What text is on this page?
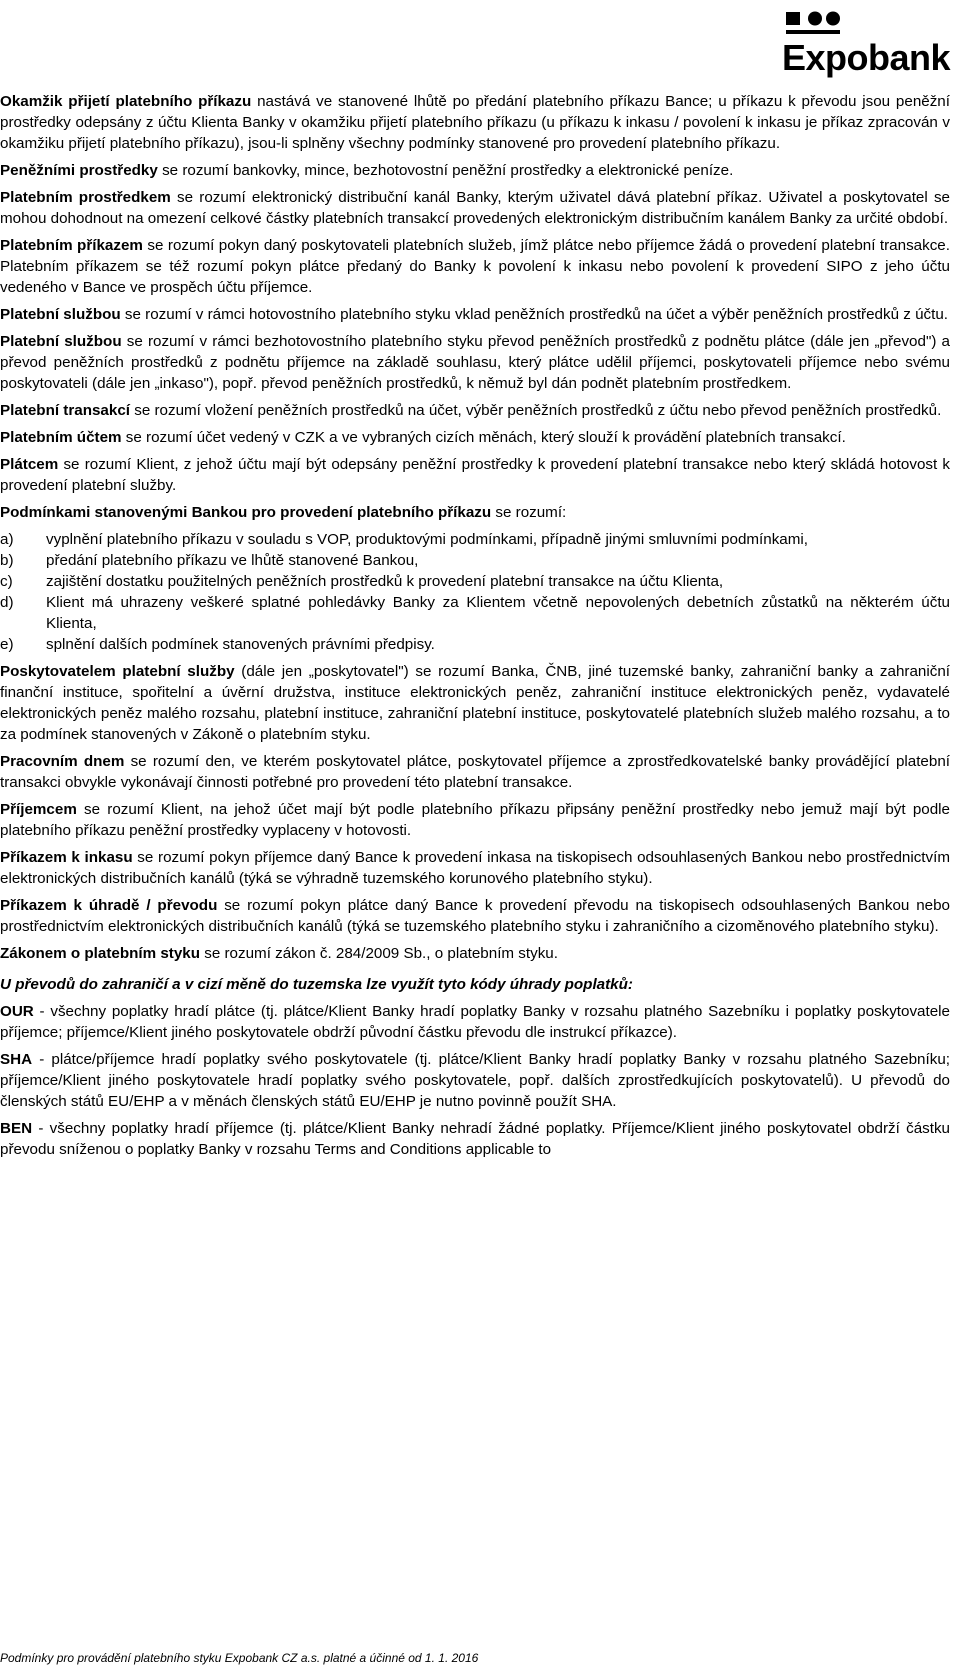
Expobank

Okamžik přijetí platebního příkazu nastává ve stanovené lhůtě po předání platebního příkazu Bance; u příkazu k převodu jsou peněžní prostředky odepsány z účtu Klienta Banky v okamžiku přijetí platebního příkazu (u příkazu k inkasu / povolení k inkasu je příkaz zpracován v okamžiku přijetí platebního příkazu), jsou-li splněny všechny podmínky stanovené pro provedení platebního příkazu.

Peněžními prostředky se rozumí bankovky, mince, bezhotovostní peněžní prostředky a elektronické peníze.

Platebním prostředkem se rozumí elektronický distribuční kanál Banky, kterým uživatel dává platební příkaz. Uživatel a poskytovatel se mohou dohodnout na omezení celkové částky platebních transakcí provedených elektronickým distribučním kanálem Banky za určité období.

Platebním příkazem se rozumí pokyn daný poskytovateli platebních služeb, jímž plátce nebo příjemce žádá o provedení platební transakce. Platebním příkazem se též rozumí pokyn plátce předaný do Banky k povolení k inkasu nebo povolení k provedení SIPO z jeho účtu vedeného v Bance ve prospěch účtu příjemce.

Platební službou se rozumí v rámci hotovostního platebního styku vklad peněžních prostředků na účet a výběr peněžních prostředků z účtu.

Platební službou se rozumí v rámci bezhotovostního platebního styku převod peněžních prostředků z podnětu plátce (dále jen „převod") a převod peněžních prostředků z podnětu příjemce na základě souhlasu, který plátce udělil příjemci, poskytovateli příjemce nebo svému poskytovateli (dále jen „inkaso"), popř. převod peněžních prostředků, k němuž byl dán podnět platebním prostředkem.

Platební transakcí se rozumí vložení peněžních prostředků na účet, výběr peněžních prostředků z účtu nebo převod peněžních prostředků.

Platebním účtem se rozumí účet vedený v CZK a ve vybraných cizích měnách, který slouží k provádění platebních transakcí.

Plátcem se rozumí Klient, z jehož účtu mají být odepsány peněžní prostředky k provedení platební transakce nebo který skládá hotovost k provedení platební služby.

Podmínkami stanovenými Bankou pro provedení platebního příkazu se rozumí:

a) vyplnění platebního příkazu v souladu s VOP, produktovými podmínkami, případně jinými smluvními podmínkami,
b) předání platebního příkazu ve lhůtě stanovené Bankou,
c) zajištění dostatku použitelných peněžních prostředků k provedení platební transakce na účtu Klienta,
d) Klient má uhrazeny veškeré splatné pohledávky Banky za Klientem včetně nepovolených debetních zůstatků na některém účtu Klienta,
e) splnění dalších podmínek stanovených právními předpisy.

Poskytovatelem platební služby (dále jen „poskytovatel") se rozumí Banka, ČNB, jiné tuzemské banky, zahraniční banky a zahraniční finanční instituce, spořitelní a úvěrní družstva, instituce elektronických peněz, zahraniční instituce elektronických peněz, vydavatelé elektronických peněz malého rozsahu, platební instituce, zahraniční platební instituce, poskytovatelé platebních služeb malého rozsahu, a to za podmínek stanovených v Zákoně o platebním styku.

Pracovním dnem se rozumí den, ve kterém poskytovatel plátce, poskytovatel příjemce a zprostředkovatelské banky provádějící platební transakci obvykle vykonávají činnosti potřebné pro provedení této platební transakce.

Příjemcem se rozumí Klient, na jehož účet mají být podle platebního příkazu připsány peněžní prostředky nebo jemuž mají být podle platebního příkazu peněžní prostředky vyplaceny v hotovosti.

Příkazem k inkasu se rozumí pokyn příjemce daný Bance k provedení inkasa na tiskopisech odsouhlasených Bankou nebo prostřednictvím elektronických distribučních kanálů (týká se výhradně tuzemského korunového platebního styku).

Příkazem k úhradě / převodu se rozumí pokyn plátce daný Bance k provedení převodu na tiskopisech odsouhlasených Bankou nebo prostřednictvím elektronických distribučních kanálů (týká se tuzemského platebního styku i zahraničního a cizoměnového platebního styku).

Zákonem o platebním styku se rozumí zákon č. 284/2009 Sb., o platebním styku.

U převodů do zahraničí a v cizí měně do tuzemska lze využít tyto kódy úhrady poplatků:

OUR - všechny poplatky hradí plátce (tj. plátce/Klient Banky hradí poplatky Banky v rozsahu platného Sazebníku i poplatky poskytovatele příjemce; příjemce/Klient jiného poskytovatele obdrží původní částku převodu dle instrukcí příkazce).

SHA - plátce/příjemce hradí poplatky svého poskytovatele (tj. plátce/Klient Banky hradí poplatky Banky v rozsahu platného Sazebníku; příjemce/Klient jiného poskytovatele hradí poplatky svého poskytovatele, popř. dalších zprostředkujících poskytovatelů). U převodů do členských států EU/EHP a v měnách členských států EU/EHP je nutno povinně použít SHA.

BEN - všechny poplatky hradí příjemce (tj. plátce/Klient Banky nehradí žádné poplatky. Příjemce/Klient jiného poskytovatel obdrží částku převodu sníženou o poplatky Banky v rozsahu Terms and Conditions applicable to

Podmínky pro provádění platebního styku Expobank CZ a.s. platné a účinné od 1. 1. 2016
